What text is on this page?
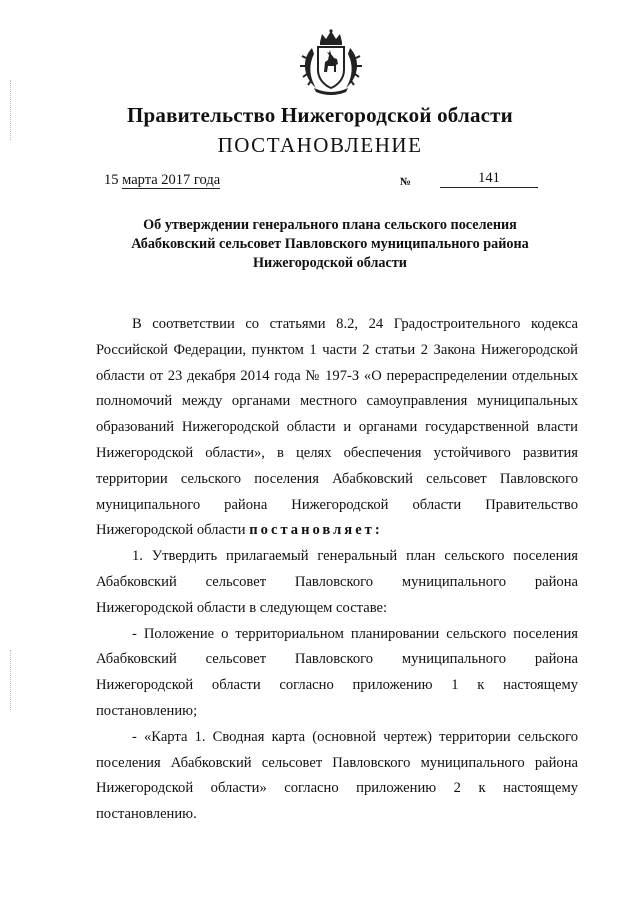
Правительство Нижегородской области
ПОСТАНОВЛЕНИЕ
15 марта 2017 года	№	141
Об утверждении генерального плана сельского поселения
Абабковский сельсовет Павловского муниципального района
Нижегородской области

В соответствии со статьями 8.2, 24 Градостроительного кодекса Российской Федерации, пунктом 1 части 2 статьи 2 Закона Нижегородской области от 23 декабря 2014 года № 197-З «О перераспределении отдельных полномочий между органами местного самоуправления муниципальных образований Нижегородской области и органами государственной власти Нижегородской области», в целях обеспечения устойчивого развития территории сельского поселения Абабковский сельсовет Павловского муниципального района Нижегородской области Правительство Нижегородской области постановляет:

1. Утвердить прилагаемый генеральный план сельского поселения Абабковский сельсовет Павловского муниципального района Нижегородской области в следующем составе:

- Положение о территориальном планировании сельского поселения Абабковский сельсовет Павловского муниципального района Нижегородской области согласно приложению 1 к настоящему постановлению;

- «Карта 1. Сводная карта (основной чертеж) территории сельского поселения Абабковский сельсовет Павловского муниципального района Нижегородской области» согласно приложению 2 к настоящему постановлению.
